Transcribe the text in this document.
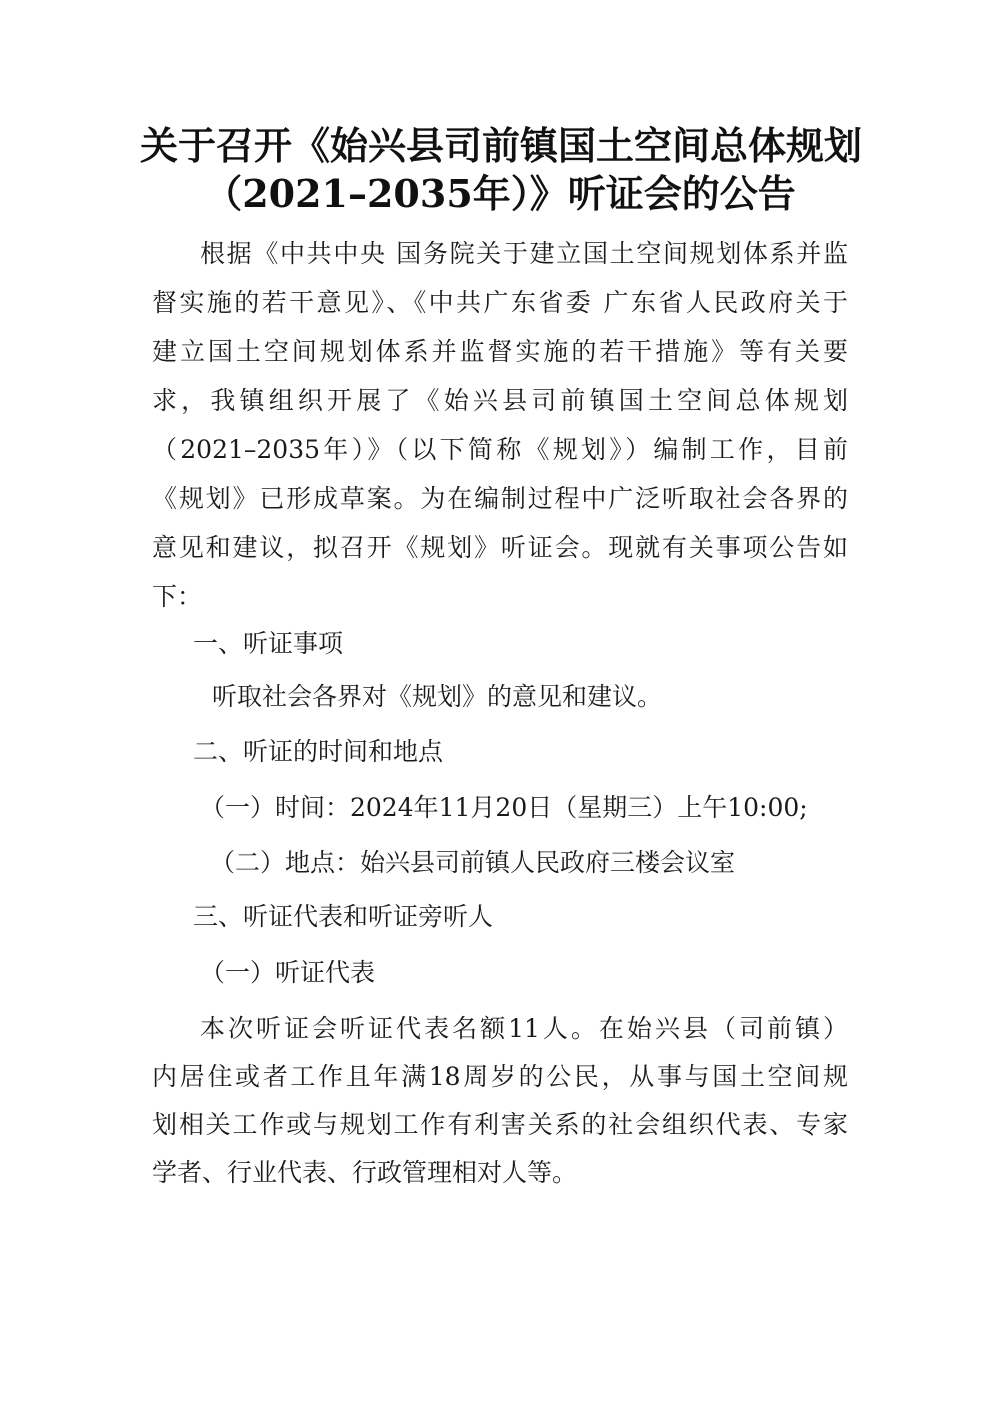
关于召开《始兴县司前镇国土空间总体规划
（2021–2035年）》听证会的公告

根据《中共中央 国务院关于建立国土空间规划体系并监

督实施的若干意见》、《中共广东省委 广东省人民政府关于

建立国土空间规划体系并监督实施的若干措施》等有关要

求，我镇组织开展了《始兴县司前镇国土空间总体规划

（2021–2035年）》（以下简称《规划》）编制工作，目前

《规划》已形成草案。为在编制过程中广泛听取社会各界的

意见和建议，拟召开《规划》听证会。现就有关事项公告如

下：

一、听证事项

听取社会各界对《规划》的意见和建议。

二、听证的时间和地点

（一）时间：2024年11月20日（星期三）上午10:00;

（二）地点：始兴县司前镇人民政府三楼会议室

三、听证代表和听证旁听人

（一）听证代表

本次听证会听证代表名额11人。在始兴县（司前镇）

内居住或者工作且年满18周岁的公民，从事与国土空间规

划相关工作或与规划工作有利害关系的社会组织代表、专家

学者、行业代表、行政管理相对人等。
